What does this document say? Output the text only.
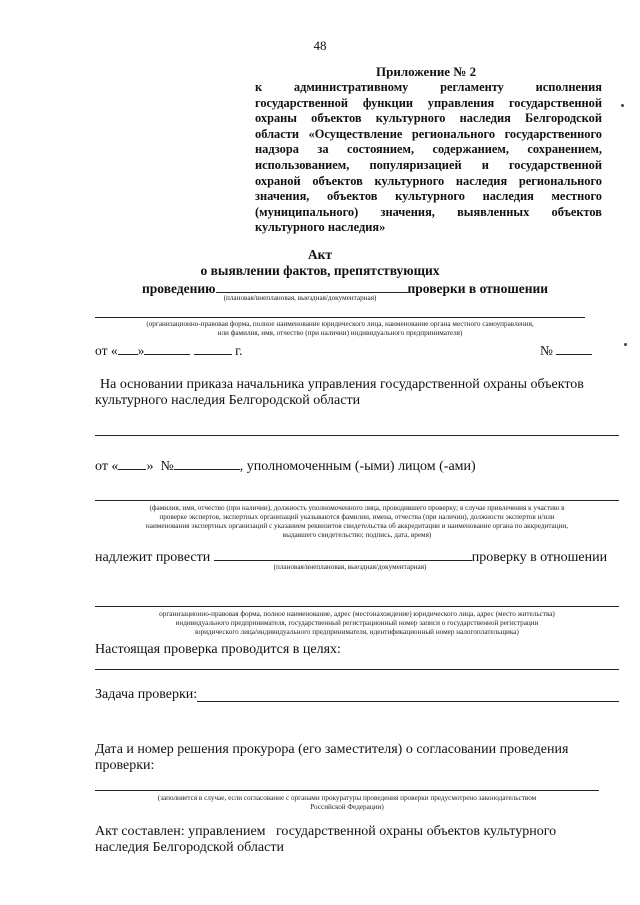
48
Приложение № 2

к административному регламенту исполнения

государственной функции управления государственной

охраны объектов культурного наследия Белгородской

области «Осуществление регионального государственного

надзора за состоянием, содержанием, сохранением,

использованием, популяризацией и государственной

охраной объектов культурного наследия регионального

значения, объектов культурного наследия местного

(муниципального) значения, выявленных объектов

культурного наследия»

Акт
о выявлении фактов, препятствующих
проведению	проверки в отношении
(плановая/внеплановая, выездная/документарная)
(организационно-правовая форма, полное наименование юридического лица, наименование органа местного самоуправления,
или фамилия, имя, отчество (при наличии) индивидуального предпринимателя)
от « »	г.	№
На основании приказа начальника управления государственной охраны объектов
культурного наследия Белгородской области
от « » №	, уполномоченным (-ыми) лицом (-ами)
(фамилия, имя, отчество (при наличии), должность уполномоченного лица, проводившего проверку; в случае привлечения к участию в
проверке экспертов, экспертных организаций указываются фамилии, имена, отчества (при наличии), должности экспертов и/или
наименования экспертных организаций с указанием реквизитов свидетельства об аккредитации и наименование органа по аккредитации,
выдавшего свидетельство; подпись, дата, время)
надлежит провести	проверку в отношении
(плановая/внеплановая, выездная/документарная)
организационно-правовая форма, полное наименование, адрес (местонахождение) юридического лица, адрес (место жительства)
индивидуального предпринимателя, государственный регистрационный номер записи о государственной регистрации
юридического лица/индивидуального предпринимателя, идентификационный номер налогоплательщика)
Настоящая проверка проводится в целях:
Задача проверки:
Дата и номер решения прокурора (его заместителя) о согласовании проведения
проверки:
(заполняется в случае, если согласование с органами прокуратуры проведения проверки предусмотрено законодательством
Российской Федерации)
Акт составлен: управлением   государственной охраны объектов культурного
наследия Белгородской области
